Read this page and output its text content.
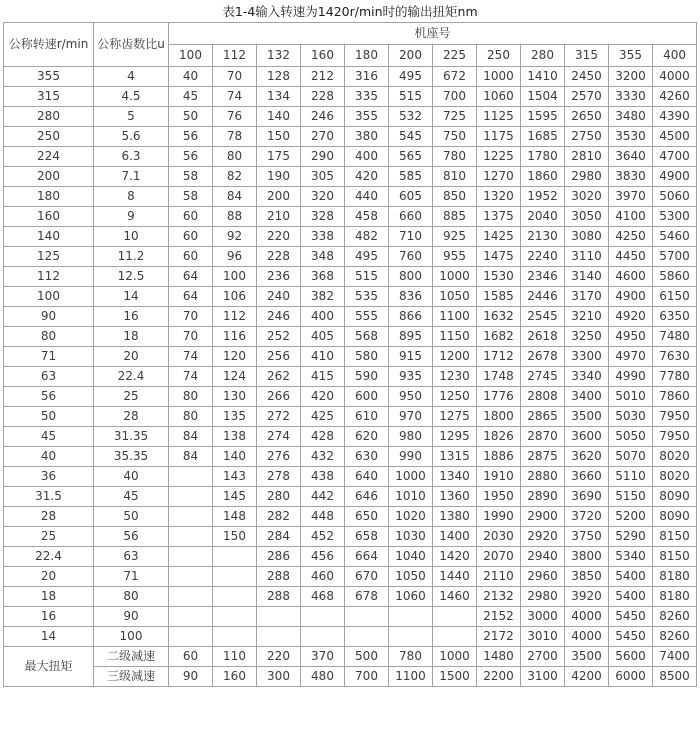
表1-4输入转速为1420r/min时的输出扭矩nm
公称转速r/min	公称齿数比u	机座号											
		100	112	132	160	180	200	225	250	280	315	355	400
355	4	40	70	128	212	316	495	672	1000	1410	2450	3200	4000
315	4.5	45	74	134	228	335	515	700	1060	1504	2570	3330	4260
280	5	50	76	140	246	355	532	725	1125	1595	2650	3480	4390
250	5.6	56	78	150	270	380	545	750	1175	1685	2750	3530	4500
224	6.3	56	80	175	290	400	565	780	1225	1780	2810	3640	4700
200	7.1	58	82	190	305	420	585	810	1270	1860	2980	3830	4900
180	8	58	84	200	320	440	605	850	1320	1952	3020	3970	5060
160	9	60	88	210	328	458	660	885	1375	2040	3050	4100	5300
140	10	60	92	220	338	482	710	925	1425	2130	3080	4250	5460
125	11.2	60	96	228	348	495	760	955	1475	2240	3110	4450	5700
112	12.5	64	100	236	368	515	800	1000	1530	2346	3140	4600	5860
100	14	64	106	240	382	535	836	1050	1585	2446	3170	4900	6150
90	16	70	112	246	400	555	866	1100	1632	2545	3210	4920	6350
80	18	70	116	252	405	568	895	1150	1682	2618	3250	4950	7480
71	20	74	120	256	410	580	915	1200	1712	2678	3300	4970	7630
63	22.4	74	124	262	415	590	935	1230	1748	2745	3340	4990	7780
56	25	80	130	266	420	600	950	1250	1776	2808	3400	5010	7860
50	28	80	135	272	425	610	970	1275	1800	2865	3500	5030	7950
45	31.35	84	138	274	428	620	980	1295	1826	2870	3600	5050	7950
40	35.35	84	140	276	432	630	990	1315	1886	2875	3620	5070	8020
36	40		143	278	438	640	1000	1340	1910	2880	3660	5110	8020
31.5	45		145	280	442	646	1010	1360	1950	2890	3690	5150	8090
28	50		148	282	448	650	1020	1380	1990	2900	3720	5200	8090
25	56		150	284	452	658	1030	1400	2030	2920	3750	5290	8150
22.4	63			286	456	664	1040	1420	2070	2940	3800	5340	8150
20	71			288	460	670	1050	1440	2110	2960	3850	5400	8180
18	80			288	468	678	1060	1460	2132	2980	3920	5400	8180
16	90								2152	3000	4000	5450	8260
14	100								2172	3010	4000	5450	8260
最大扭矩	二级减速	60	110	220	370	500	780	1000	1480	2700	3500	5600	7400
	三级减速	90	160	300	480	700	1100	1500	2200	3100	4200	6000	8500
